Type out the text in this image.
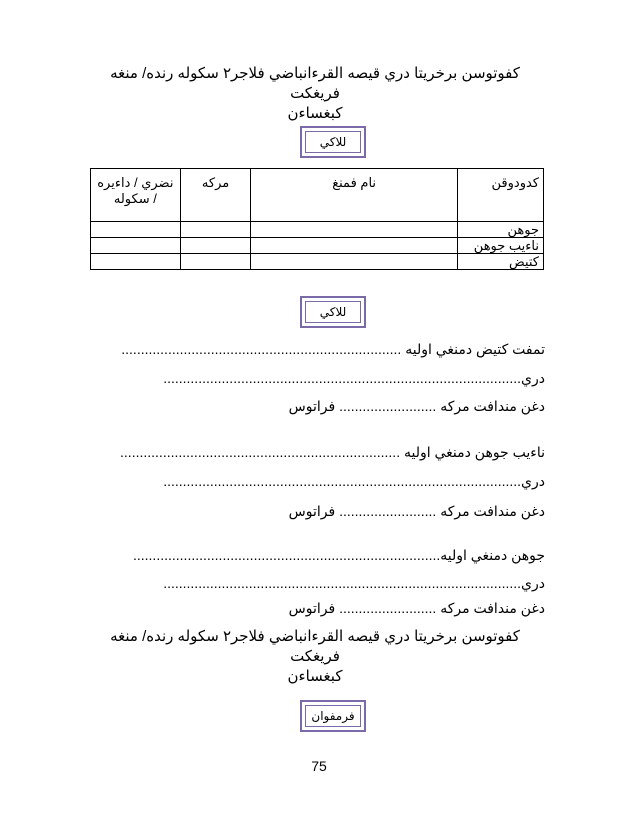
كفوتوسن برخريتا دري قيصه القرءانباضي فلاجر٢ سكوله رنده/ منغه فريغكت
كبغساءن
للاكي
كدودوقن	نام فمنغ	مركه	نضري / داءيره / سكوله
جوهن			
ناءيب جوهن			
كتيض			
للاكي
تمفت كتيض دمنغي اوليه ........................................................................
دري............................................................................................
دغن مندافت مركه ......................... فراتوس
ناءيب جوهن دمنغي اوليه ........................................................................
دري............................................................................................
دغن مندافت مركه ......................... فراتوس
جوهن دمنغي اوليه...............................................................................
دري............................................................................................
دغن مندافت مركه ......................... فراتوس
كفوتوسن برخريتا دري قيصه القرءانباضي فلاجر٢ سكوله رنده/ منغه فريغكت
كبغساءن
فرمفوان
75
